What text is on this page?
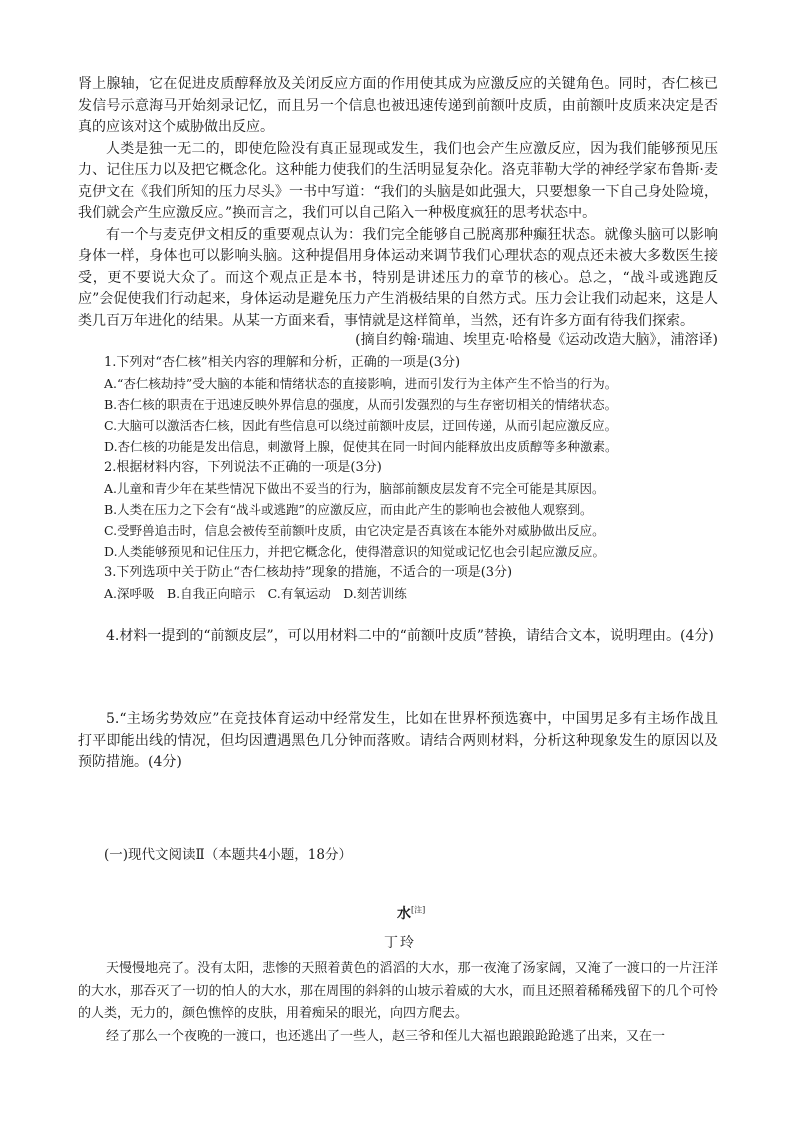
肾上腺轴，它在促进皮质醇释放及关闭反应方面的作用使其成为应激反应的关键角色。同时，杏仁核已发信号示意海马开始刻录记忆，而且另一个信息也被迅速传递到前额叶皮质，由前额叶皮质来决定是否真的应该对这个威胁做出反应。

人类是独一无二的，即使危险没有真正显现或发生，我们也会产生应激反应，因为我们能够预见压力、记住压力以及把它概念化。这种能力使我们的生活明显复杂化。洛克菲勒大学的神经学家布鲁斯·麦克伊文在《我们所知的压力尽头》一书中写道：“我们的头脑是如此强大，只要想象一下自己身处险境，我们就会产生应激反应。”换而言之，我们可以自己陷入一种极度疯狂的思考状态中。

有一个与麦克伊文相反的重要观点认为：我们完全能够自己脱离那种癫狂状态。就像头脑可以影响身体一样，身体也可以影响头脑。这种提倡用身体运动来调节我们心理状态的观点还未被大多数医生接受，更不要说大众了。而这个观点正是本书，特别是讲述压力的章节的核心。总之，“战斗或逃跑反应”会促使我们行动起来，身体运动是避免压力产生消极结果的自然方式。压力会让我们动起来，这是人类几百万年进化的结果。从某一方面来看，事情就是这样简单，当然，还有许多方面有待我们探索。

(摘自约翰·瑞迪、埃里克·哈格曼《运动改造大脑》，浦溶译)

1.下列对“杏仁核”相关内容的理解和分析，正确的一项是(3分)

A.“杏仁核劫持”受大脑的本能和情绪状态的直接影响，进而引发行为主体产生不恰当的行为。

B.杏仁核的职责在于迅速反映外界信息的强度，从而引发强烈的与生存密切相关的情绪状态。

C.大脑可以激活杏仁核，因此有些信息可以绕过前额叶皮层，迂回传递，从而引起应激反应。

D.杏仁核的功能是发出信息，刺激肾上腺，促使其在同一时间内能释放出皮质醇等多种激素。

2.根据材料内容，下列说法不正确的一项是(3分)

A.儿童和青少年在某些情况下做出不妥当的行为，脑部前额皮层发育不完全可能是其原因。

B.人类在压力之下会有“战斗或逃跑”的应激反应，而由此产生的影响也会被他人观察到。

C.受野兽追击时，信息会被传至前额叶皮质，由它决定是否真该在本能外对威胁做出反应。

D.人类能够预见和记住压力，并把它概念化，使得潜意识的知觉或记忆也会引起应激反应。

3.下列选项中关于防止“杏仁核劫持”现象的措施，不适合的一项是(3分)

A.深呼吸　B.自我正向暗示　C.有氧运动　D.刻苦训练

4.材料一提到的“前额皮层”，可以用材料二中的“前额叶皮质”替换，请结合文本，说明理由。(4分)

5.“主场劣势效应”在竞技体育运动中经常发生，比如在世界杯预选赛中，中国男足多有主场作战且打平即能出线的情况，但均因遭遇黑色几分钟而落败。请结合两则材料，分析这种现象发生的原因以及预防措施。(4分)

(一)现代文阅读Ⅱ（本题共4小题，18分）
水[注]
丁玲

天慢慢地亮了。没有太阳，悲惨的天照着黄色的滔滔的大水，那一夜淹了汤家阔，又淹了一渡口的一片汪洋的大水，那吞灭了一切的怕人的大水，那在周围的斜斜的山坡示着威的大水，而且还照着稀稀残留下的几个可怜的人类，无力的，颜色憔悴的皮肤，用着痴呆的眼光，向四方爬去。

经了那么一个夜晚的一渡口，也还逃出了一些人，赵三爷和侄儿大福也踉踉跄跄逃了出来，又在一
